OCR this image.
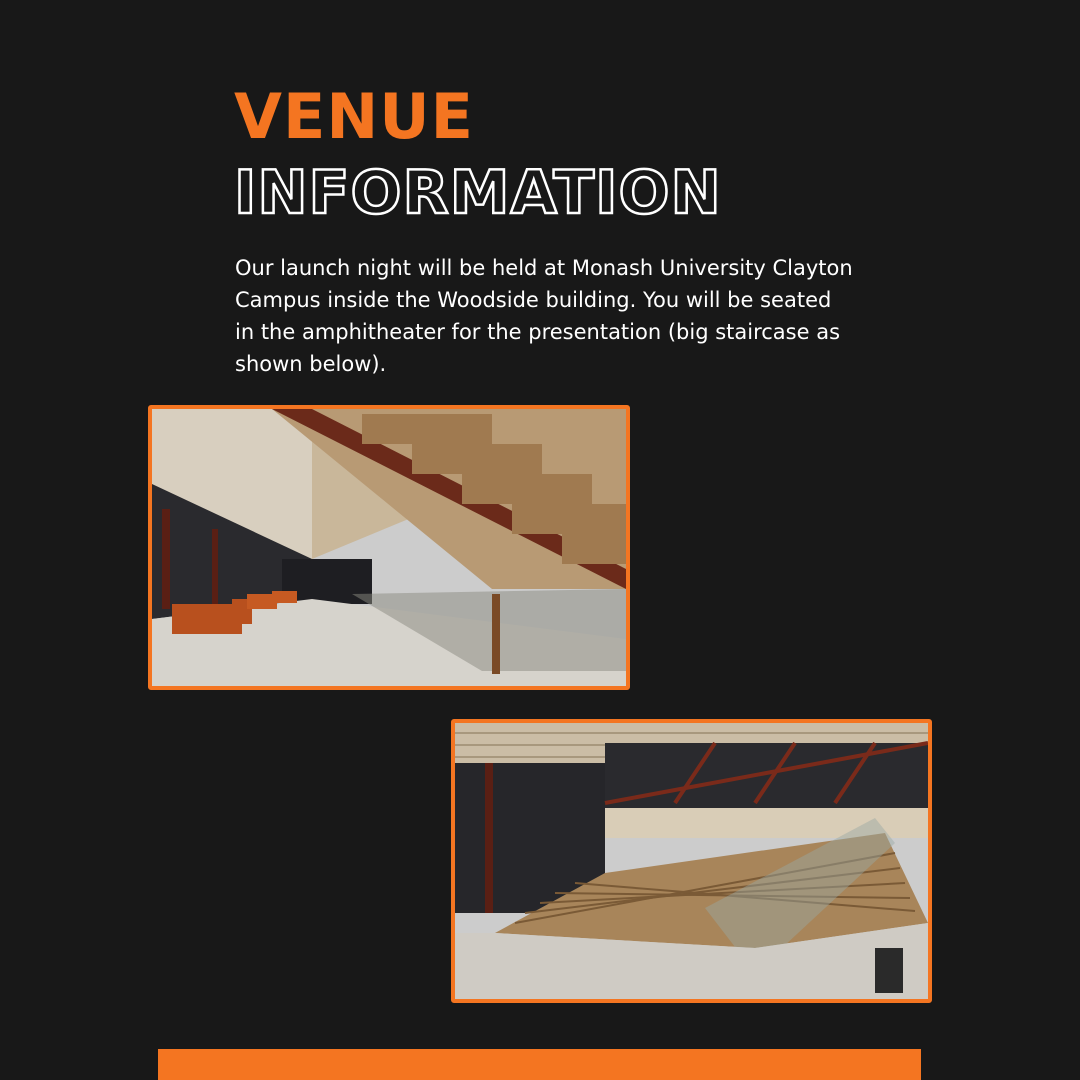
VENUE
INFORMATION

Our launch night will be held at Monash University Clayton Campus inside the Woodside building. You will be seated in the amphitheater for the presentation (big staircase as shown below).
